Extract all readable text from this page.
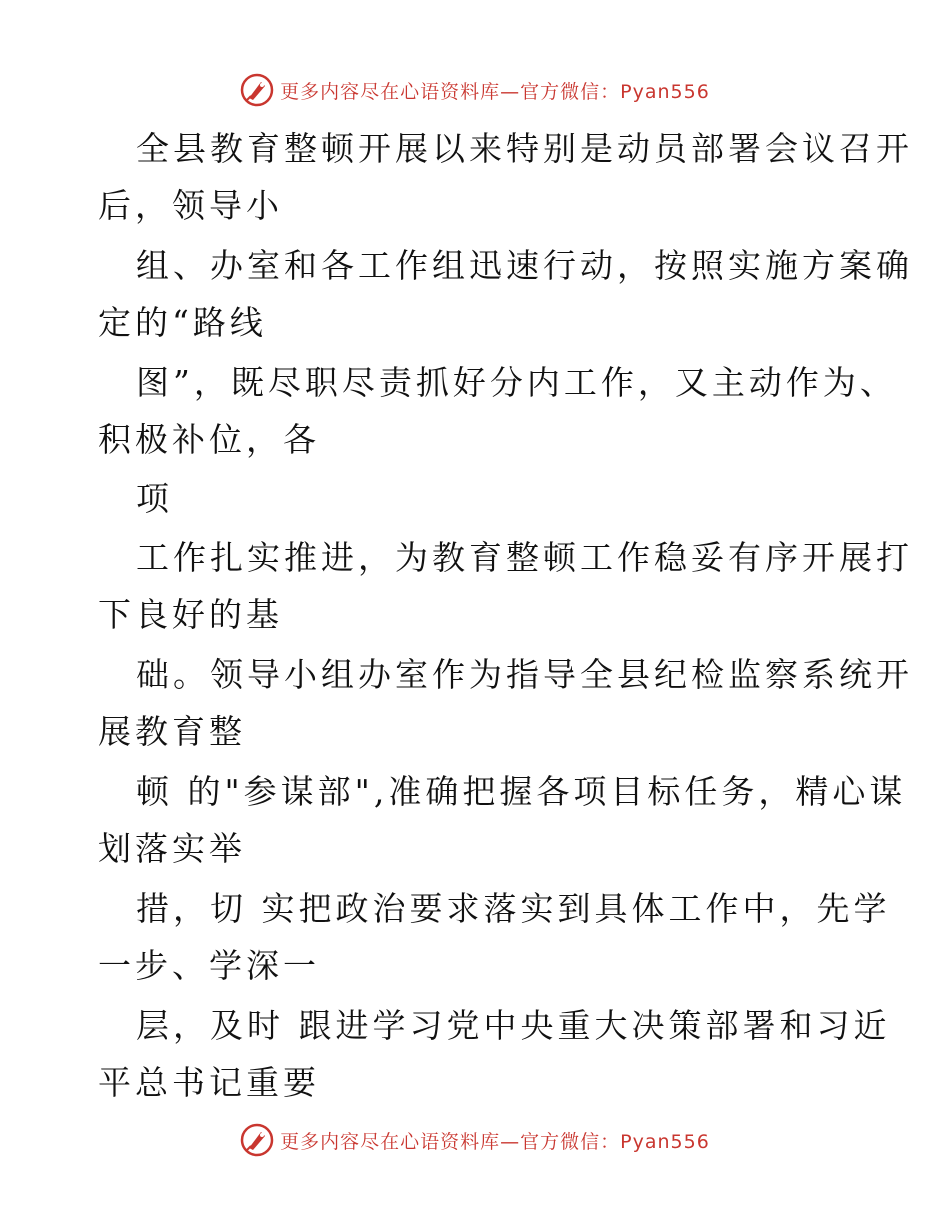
更多内容尽在心语资料库—官方微信：Pyan556
全县教育整顿开展以来特别是动员部署会议召开
后，领导小
组、办室和各工作组迅速行动，按照实施方案确
定的“路线
图”，既尽职尽责抓好分内工作，又主动作为、
积极补位，各
项
工作扎实推进，为教育整顿工作稳妥有序开展打
下良好的基
础。领导小组办室作为指导全县纪检监察系统开
展教育整
顿 的"参谋部",准确把握各项目标任务，精心谋
划落实举
措，切 实把政治要求落实到具体工作中，先学
一步、学深一
层，及时 跟进学习党中央重大决策部署和习近
平总书记重要
更多内容尽在心语资料库—官方微信：Pyan556
